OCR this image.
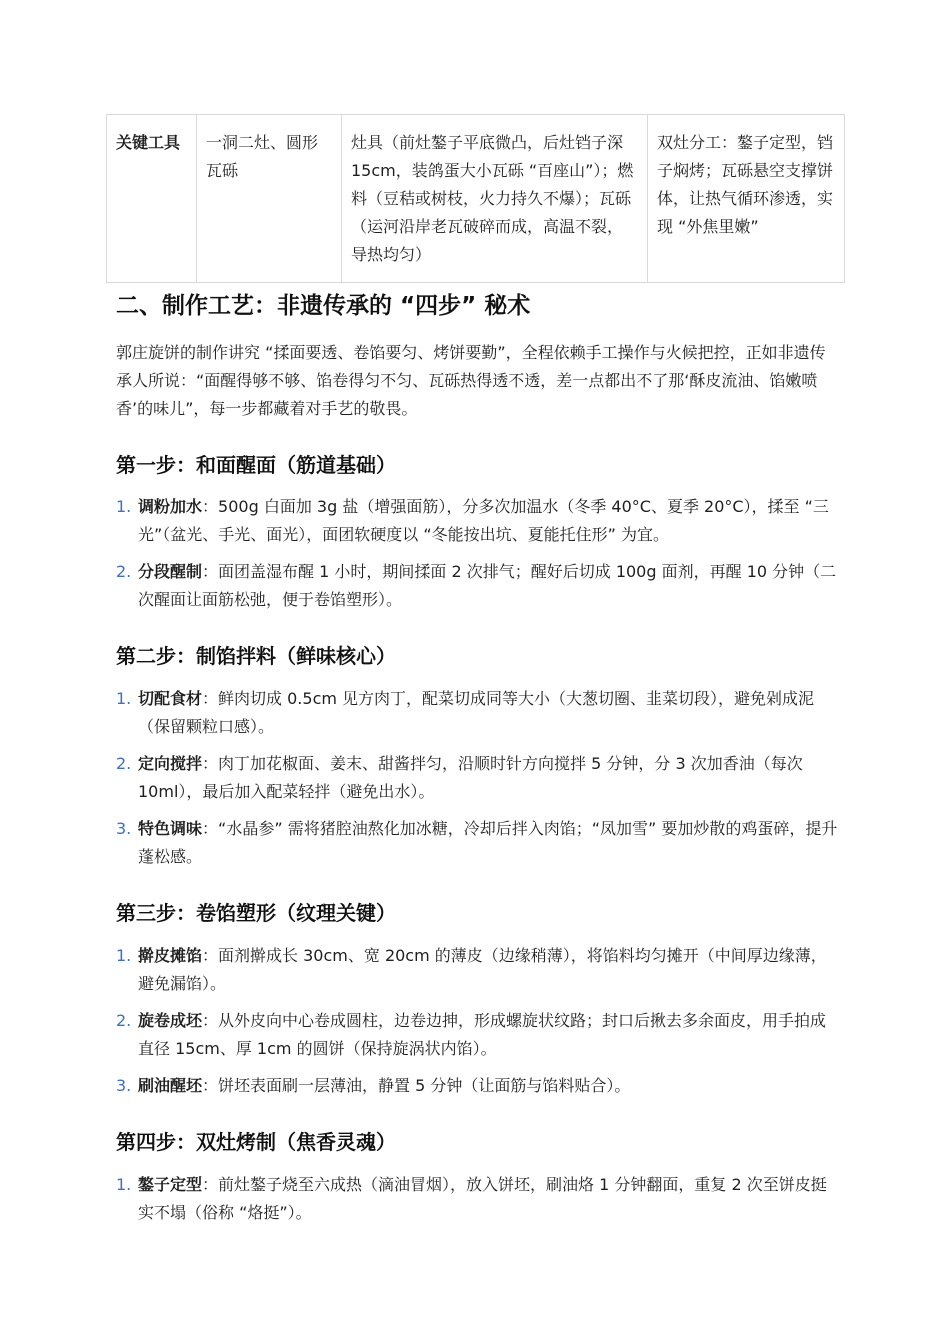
关键工具	一洞二灶、圆形瓦砾	灶具（前灶鏊子平底微凸，后灶铛子深 15cm，装鸽蛋大小瓦砾 “百座山”）；燃料（豆秸或树枝，火力持久不爆）；瓦砾（运河沿岸老瓦破碎而成，高温不裂，导热均匀）	双灶分工：鏊子定型，铛子焖烤；瓦砾悬空支撑饼体，让热气循环渗透，实现 “外焦里嫩”
二、制作工艺：非遗传承的 “四步” 秘术

郭庄旋饼的制作讲究 “揉面要透、卷馅要匀、烤饼要勤”，全程依赖手工操作与火候把控，正如非遗传承人所说：“面醒得够不够、馅卷得匀不匀、瓦砾热得透不透，差一点都出不了那‘酥皮流油、馅嫩喷香’的味儿”，每一步都藏着对手艺的敬畏。

第一步：和面醒面（筋道基础）
1. 调粉加水：500g 白面加 3g 盐（增强面筋），分多次加温水（冬季 40°C、夏季 20°C），揉至 “三光”（盆光、手光、面光），面团软硬度以 “冬能按出坑、夏能托住形” 为宜。
2. 分段醒制：面团盖湿布醒 1 小时，期间揉面 2 次排气；醒好后切成 100g 面剂，再醒 10 分钟（二次醒面让面筋松弛，便于卷馅塑形）。
第二步：制馅拌料（鲜味核心）
1. 切配食材：鲜肉切成 0.5cm 见方肉丁，配菜切成同等大小（大葱切圈、韭菜切段），避免剁成泥（保留颗粒口感）。
2. 定向搅拌：肉丁加花椒面、姜末、甜酱拌匀，沿顺时针方向搅拌 5 分钟，分 3 次加香油（每次 10ml），最后加入配菜轻拌（避免出水）。
3. 特色调味：“水晶参” 需将猪腔油熬化加冰糖，冷却后拌入肉馅；“凤加雪” 要加炒散的鸡蛋碎，提升蓬松感。
第三步：卷馅塑形（纹理关键）
1. 擀皮摊馅：面剂擀成长 30cm、宽 20cm 的薄皮（边缘稍薄），将馅料均匀摊开（中间厚边缘薄，避免漏馅）。
2. 旋卷成坯：从外皮向中心卷成圆柱，边卷边抻，形成螺旋状纹路；封口后揪去多余面皮，用手拍成直径 15cm、厚 1cm 的圆饼（保持旋涡状内馅）。
3. 刷油醒坯：饼坯表面刷一层薄油，静置 5 分钟（让面筋与馅料贴合）。
第四步：双灶烤制（焦香灵魂）
1. 鏊子定型：前灶鏊子烧至六成热（滴油冒烟），放入饼坯，刷油烙 1 分钟翻面，重复 2 次至饼皮挺实不塌（俗称 “烙挺”）。
